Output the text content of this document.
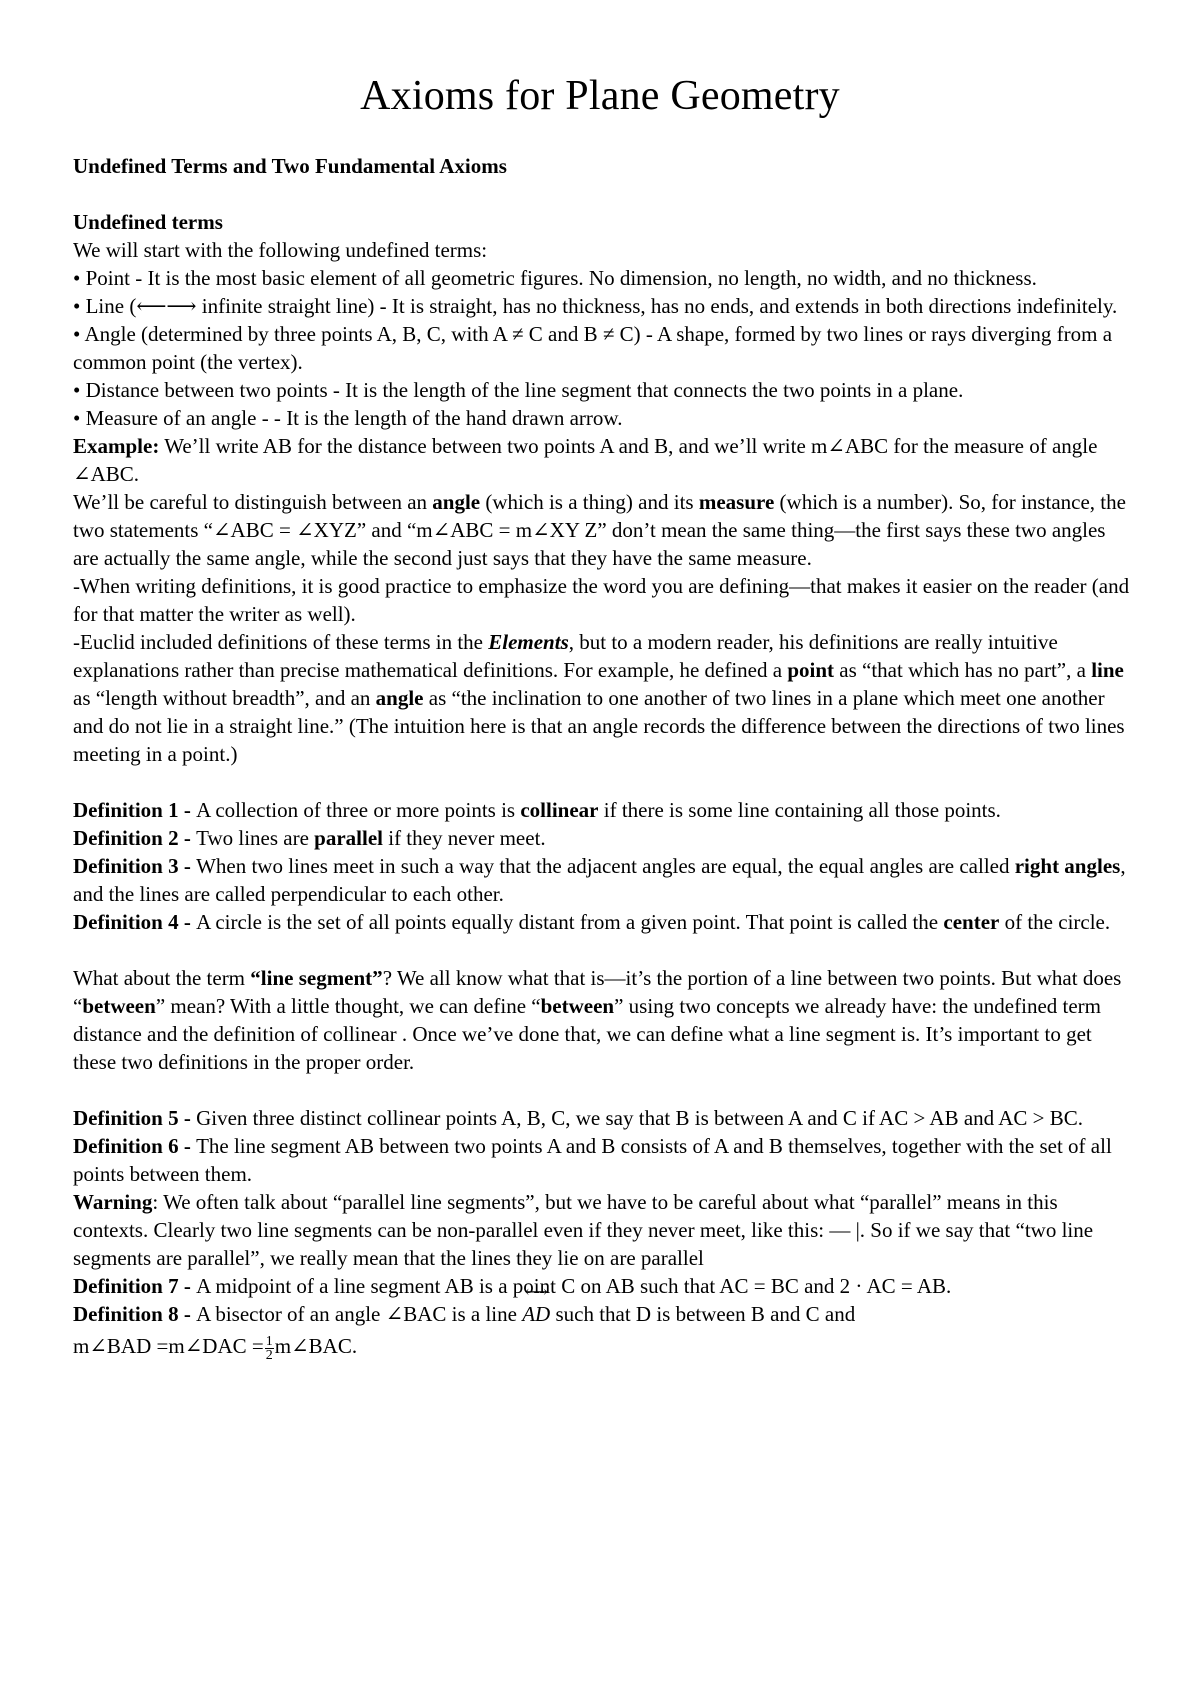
Axioms for Plane Geometry

Undefined Terms and Two Fundamental Axioms

Undefined terms

We will start with the following undefined terms:

• Point - It is the most basic element of all geometric figures. No dimension, no length, no width, and no thickness.

• Line (⟵⟶ infinite straight line) - It is straight, has no thickness, has no ends, and extends in both directions indefinitely.

• Angle (determined by three points A, B, C, with A ≠ C and B ≠ C) - A shape, formed by two lines or rays diverging from a common point (the vertex).

• Distance between two points - It is the length of the line segment that connects the two points in a plane.

• Measure of an angle - - It is the length of the hand drawn arrow.

Example: We’ll write AB for the distance between two points A and B, and we’ll write m∠ABC for the measure of angle ∠ABC.

We’ll be careful to distinguish between an angle (which is a thing) and its measure (which is a number). So, for instance, the two statements “∠ABC = ∠XYZ” and “m∠ABC = m∠XY Z” don’t mean the same thing—the first says these two angles are actually the same angle, while the second just says that they have the same measure.

-When writing definitions, it is good practice to emphasize the word you are defining—that makes it easier on the reader (and for that matter the writer as well).

-Euclid included definitions of these terms in the Elements, but to a modern reader, his definitions are really intuitive explanations rather than precise mathematical definitions. For example, he defined a point as “that which has no part”, a line as “length without breadth”, and an angle as “the inclination to one another of two lines in a plane which meet one another and do not lie in a straight line.” (The intuition here is that an angle records the difference between the directions of two lines meeting in a point.)

Definition 1 - A collection of three or more points is collinear if there is some line containing all those points.

Definition 2 - Two lines are parallel if they never meet.

Definition 3 - When two lines meet in such a way that the adjacent angles are equal, the equal angles are called right angles, and the lines are called perpendicular to each other.

Definition 4 - A circle is the set of all points equally distant from a given point. That point is called the center of the circle.

What about the term “line segment”? We all know what that is—it’s the portion of a line between two points. But what does “between” mean? With a little thought, we can define “between” using two concepts we already have: the undefined term distance and the definition of collinear . Once we’ve done that, we can define what a line segment is. It’s important to get these two definitions in the proper order.

Definition 5 - Given three distinct collinear points A, B, C, we say that B is between A and C if AC > AB and AC > BC.

Definition 6 - The line segment AB between two points A and B consists of A and B themselves, together with the set of all points between them.

Warning: We often talk about “parallel line segments”, but we have to be careful about what “parallel” means in this contexts. Clearly two line segments can be non-parallel even if they never meet, like this: — |. So if we say that “two line segments are parallel”, we really mean that the lines they lie on are parallel

Definition 7 - A midpoint of a line segment AB is a point C on AB such that AC = BC and 2 · AC = AB.

Definition 8 - A bisector of an angle ∠BAC is a line ⟷ AD such that D is between B and C and

m∠BAD =m∠DAC = $\frac{1}{2}$ m∠BAC.
